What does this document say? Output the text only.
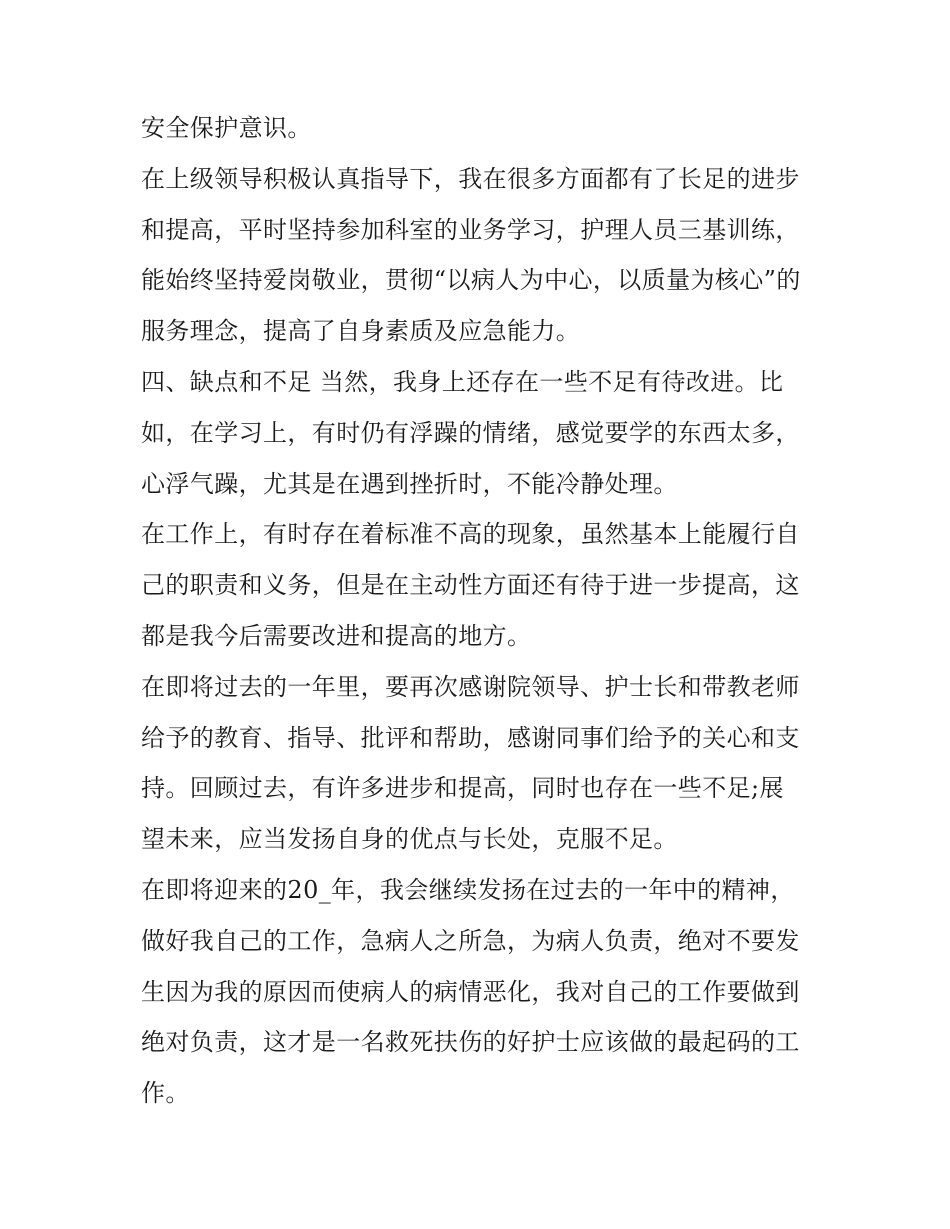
安全保护意识。

在上级领导积极认真指导下，我在很多方面都有了长足的进步

和提高，平时坚持参加科室的业务学习，护理人员三基训练，

能始终坚持爱岗敬业，贯彻“以病人为中心，以质量为核心”的

服务理念，提高了自身素质及应急能力。

四、缺点和不足 当然，我身上还存在一些不足有待改进。比

如，在学习上，有时仍有浮躁的情绪，感觉要学的东西太多，

心浮气躁，尤其是在遇到挫折时，不能冷静处理。

在工作上，有时存在着标准不高的现象，虽然基本上能履行自

己的职责和义务，但是在主动性方面还有待于进一步提高，这

都是我今后需要改进和提高的地方。

在即将过去的一年里，要再次感谢院领导、护士长和带教老师

给予的教育、指导、批评和帮助，感谢同事们给予的关心和支

持。回顾过去，有许多进步和提高，同时也存在一些不足;展

望未来，应当发扬自身的优点与长处，克服不足。

在即将迎来的20_年，我会继续发扬在过去的一年中的精神，

做好我自己的工作，急病人之所急，为病人负责，绝对不要发

生因为我的原因而使病人的病情恶化，我对自己的工作要做到

绝对负责，这才是一名救死扶伤的好护士应该做的最起码的工

作。
